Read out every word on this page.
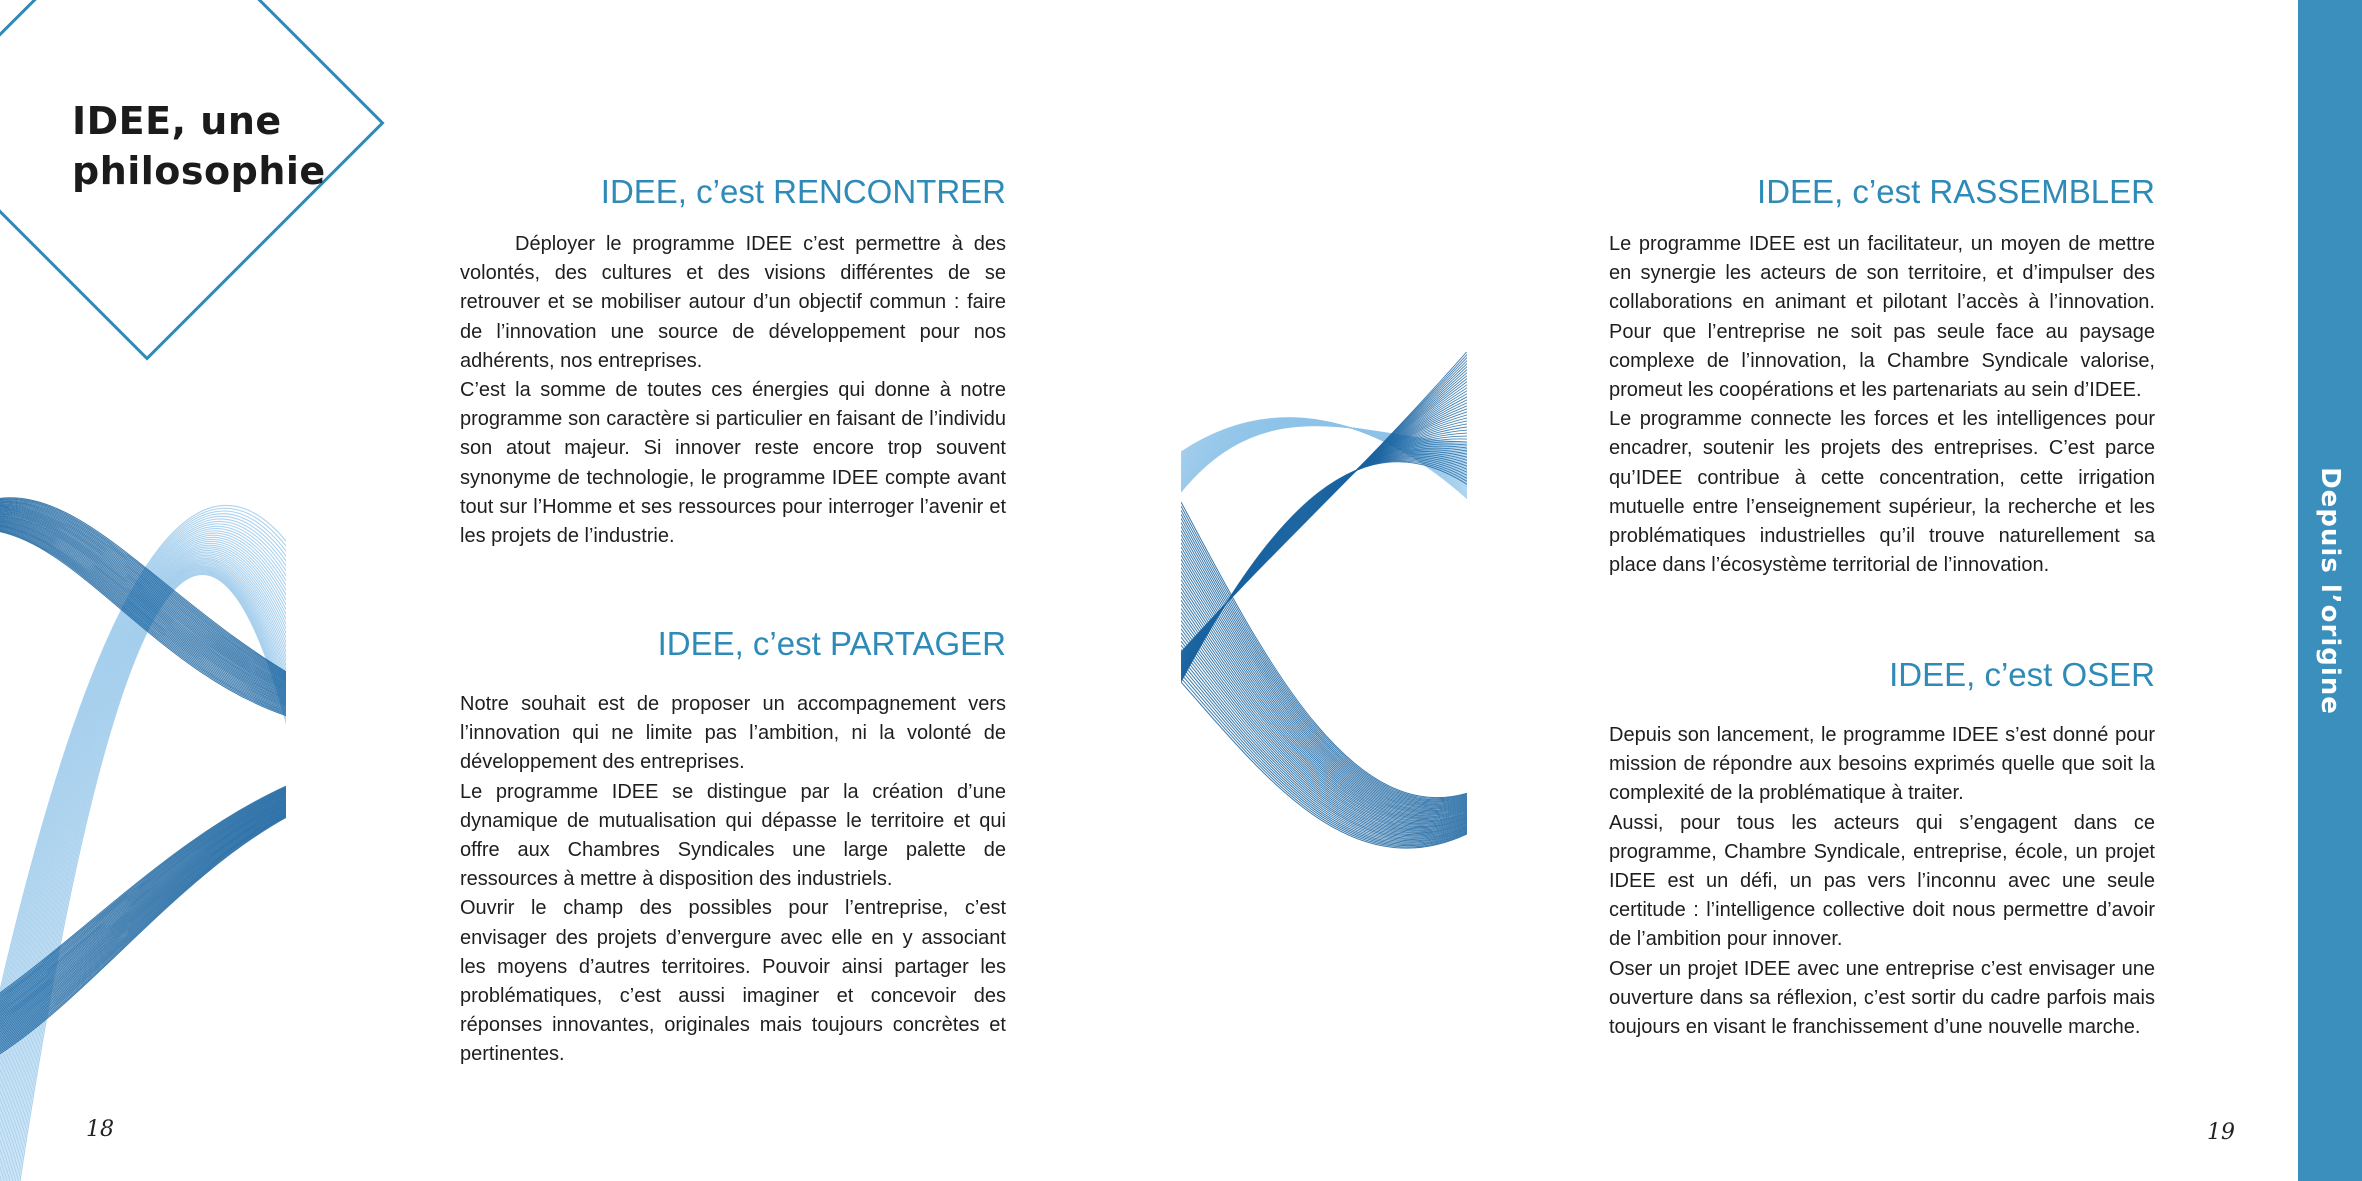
IDEE, une
philosophie	IDEE, c’est RENCONTRER

Déployer le programme IDEE c’est permettre à des volontés, des cultures et des visions différentes de se retrouver et se mobiliser autour d’un objectif commun : faire de l’innovation une source de développement pour nos adhérents, nos entreprises.

C’est la somme de toutes ces énergies qui donne à notre programme son caractère si particulier en faisant de l’individu son atout majeur. Si innover reste encore trop souvent synonyme de technologie, le programme IDEE compte avant tout sur l’Homme et ses ressources pour interroger l’avenir et les projets de l’industrie.

IDEE, c’est PARTAGER

Notre souhait est de proposer un accompagnement vers l’innovation qui ne limite pas l’ambition, ni la volonté de développement des entreprises.

Le programme IDEE se distingue par la création d’une dynamique de mutualisation qui dépasse le territoire et qui offre aux Chambres Syndicales une large palette de ressources à mettre à disposition des industriels.

Ouvrir le champ des possibles pour l’entreprise, c’est envisager des projets d’envergure avec elle en y associant les moyens d’autres territoires. Pouvoir ainsi partager les problématiques, c’est aussi imaginer et concevoir des réponses innovantes, originales mais toujours concrètes et pertinentes.

18
IDEE, c’est RASSEMBLER

Le programme IDEE est un facilitateur, un moyen de mettre en synergie les acteurs de son territoire, et d’impulser des collaborations en animant et pilotant l’accès à l’innovation. Pour que l’entreprise ne soit pas seule face au paysage complexe de l’innovation, la Chambre Syndicale valorise, promeut les coopérations et les partenariats au sein d’IDEE.

Le programme connecte les forces et les intelligences pour encadrer, soutenir les projets des entreprises. C’est parce qu’IDEE contribue à cette concentration, cette irrigation mutuelle entre l’enseignement supérieur, la recherche et les problématiques industrielles qu’il trouve naturellement sa place dans l’écosystème territorial de l’innovation.

IDEE, c’est OSER

Depuis son lancement, le programme IDEE s’est donné pour mission de répondre aux besoins exprimés quelle que soit la complexité de la problématique à traiter.

Aussi, pour tous les acteurs qui s’engagent dans ce programme, Chambre Syndicale, entreprise, école, un projet IDEE est un défi, un pas vers l’inconnu avec une seule certitude : l’intelligence collective doit nous permettre d’avoir de l’ambition pour innover.

Oser un projet IDEE avec une entreprise c’est envisager une ouverture dans sa réflexion, c’est sortir du cadre parfois mais toujours en visant le franchissement d’une nouvelle marche.

19
Depuis l’origine
